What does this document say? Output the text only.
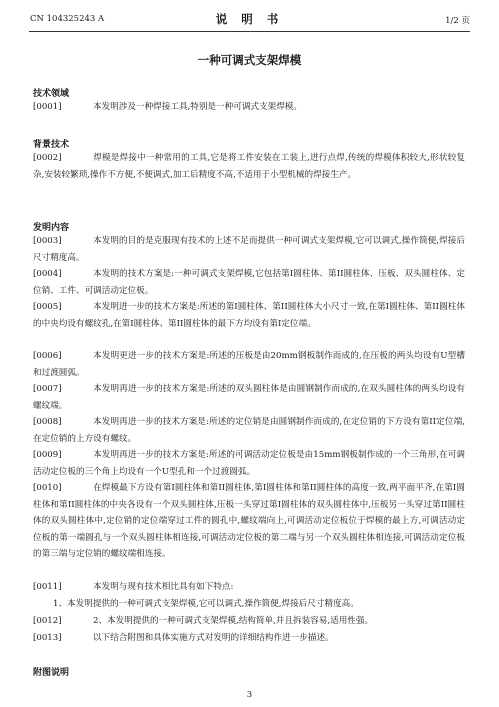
CN 104325243 A	说 明 书	1/2 页
一种可调式支架焊模
技术领域
[0001]	本发明涉及一种焊接工具,特别是一种可调式支架焊模。
背景技术
[0002]	焊模是焊接中一种常用的工具,它是将工件安装在工装上,进行点焊,传统的焊模体积较大,形状较复杂,安装较繁琐,操作不方便,不便调式,加工后精度不高,不适用于小型机械的焊接生产。
发明内容
[0003]	本发明的目的是克服现有技术的上述不足而提供一种可调式支架焊模,它可以调式,操作简便,焊接后尺寸精度高。
[0004]	本发明的技术方案是:一种可调式支架焊模,它包括第I圆柱体、第II圆柱体、压板、双头圆柱体、定位销、工件、可调活动定位板。
[0005]	本发明进一步的技术方案是:所述的第I圆柱体、第II圆柱体大小尺寸一致,在第I圆柱体、第II圆柱体的中央均设有螺纹孔,在第I圆柱体、第II圆柱体的最下方均设有第I定位端。
[0006]	本发明更进一步的技术方案是:所述的压板是由20mm钢板制作而成的,在压板的两头均设有U型槽和过渡圆弧。
[0007]	本发明再进一步的技术方案是:所述的双头圆柱体是由圆钢制作而成的,在双头圆柱体的两头均设有螺纹端。
[0008]	本发明再进一步的技术方案是:所述的定位销是由圆钢制作而成的,在定位销的下方设有第II定位端,在定位销的上方设有螺纹。
[0009]	本发明再进一步的技术方案是:所述的可调活动定位板是由15mm钢板制作成的一个三角形,在可调活动定位板的三个角上均设有一个U型孔和一个过渡圆弧。
[0010]	在焊模最下方设有第I圆柱体和第II圆柱体,第I圆柱体和第II圆柱体的高度一致,两平面平齐,在第I圆柱体和第II圆柱体的中央各设有一个双头圆柱体,压板一头穿过第I圆柱体的双头圆柱体中,压板另一头穿过第II圆柱体的双头圆柱体中,定位销的定位端穿过工件的圆孔中,螺纹端向上,可调活动定位板位于焊模的最上方,可调活动定位板的第一端圆孔与一个双头圆柱体相连接,可调活动定位板的第二端与另一个双头圆柱体相连接,可调活动定位板的第三端与定位销的螺纹端相连接。
[0011]	本发明与现有技术相比具有如下特点:
1、本发明提供的一种可调式支架焊模,它可以调式,操作简便,焊接后尺寸精度高。
[0012]	2、本发明提供的一种可调式支架焊模,结构简单,并且拆装容易,适用性强。
[0013]	以下结合附图和具体实施方式对发明的详细结构作进一步描述。
附图说明
3
